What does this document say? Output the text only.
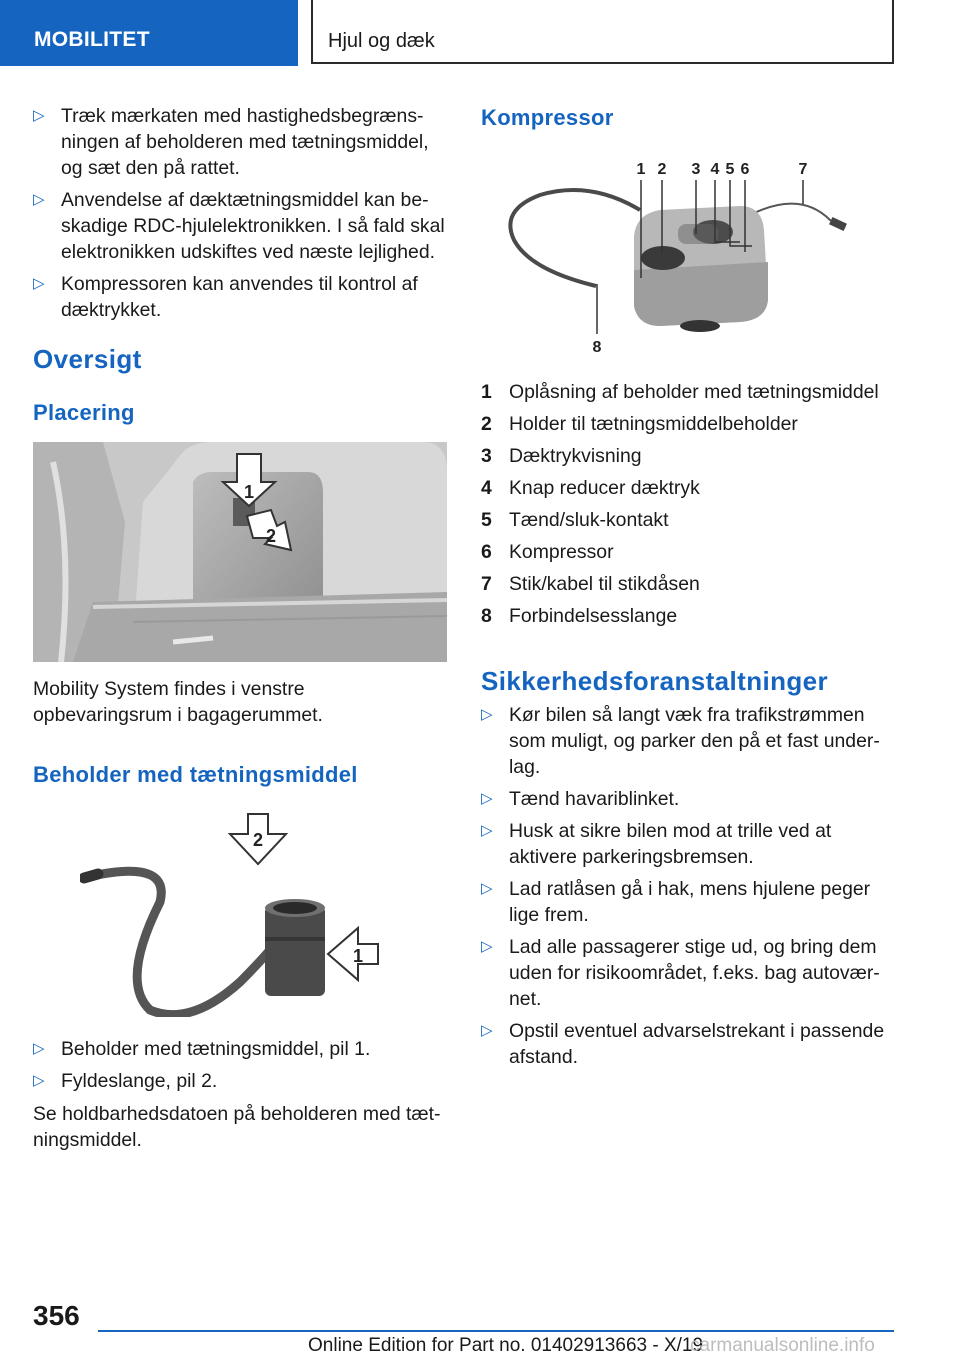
MOBILITET	Hjul og dæk
▷ Træk mærkaten med hastighedsbegræns‐ningen af beholderen med tætningsmiddel, og sæt den på rattet.
▷ Anvendelse af dæktætningsmiddel kan be‐skadige RDC-hjulelektronikken. I så fald skal elektronikken udskiftes ved næste lejlighed.
▷ Kompressoren kan anvendes til kontrol af dæktrykket.
Oversigt
Placering
1
2
Mobility System findes i venstre opbevaringsrum i bagagerummet.
Beholder med tætningsmiddel
2
1
▷ Beholder med tætningsmiddel, pil 1.
▷ Fyldeslange, pil 2.
Se holdbarhedsdatoen på beholderen med tæt‐ningsmiddel.
Kompressor
1 2 3 4 5 6	7
8
1 Oplåsning af beholder med tætningsmiddel
2 Holder til tætningsmiddelbeholder
3 Dæktrykvisning
4 Knap reducer dæktryk
5 Tænd/sluk-kontakt
6 Kompressor
7 Stik/kabel til stikdåsen
8 Forbindelsesslange
Sikkerhedsforanstaltninger
▷ Kør bilen så langt væk fra trafikstrømmen som muligt, og parker den på et fast under‐lag.
▷ Tænd havariblinket.
▷ Husk at sikre bilen mod at trille ved at aktivere parkeringsbremsen.
▷ Lad ratlåsen gå i hak, mens hjulene peger lige frem.
▷ Lad alle passagerer stige ud, og bring dem uden for risikoområdet, f.eks. bag autovær‐net.
▷ Opstil eventuel advarselstrekant i passende afstand.
356
Online Edition for Part no. 01402913663 - X/19
carmanualsonline.info
